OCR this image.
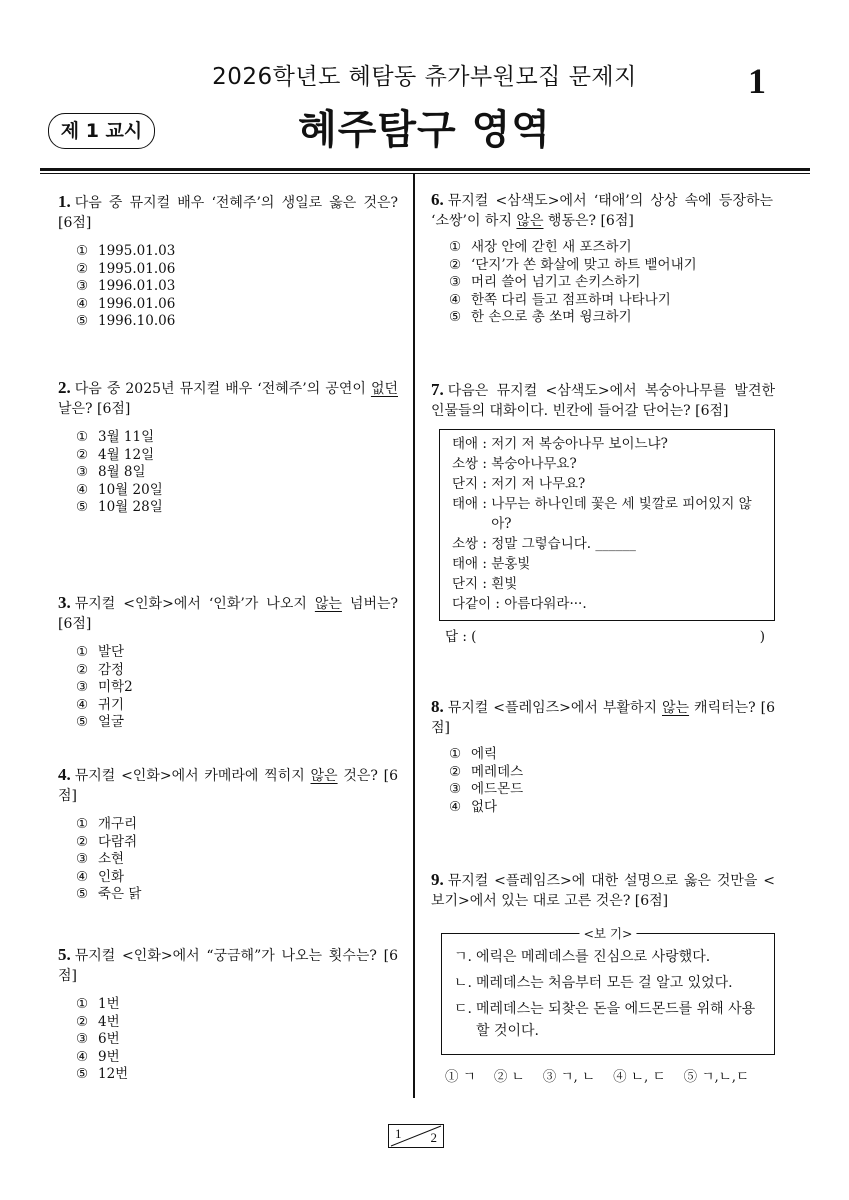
2026학년도 혜탐동 츄가부원모집 문제지	1
제 1 교시	혜주탐구 영역

1. 다음 중 뮤지컬 배우 ‘전혜주’의 생일로 옳은 것은? [6점]

① 1995.01.03
② 1995.01.06
③ 1996.01.03
④ 1996.01.06
⑤ 1996.10.06

2. 다음 중 2025년 뮤지컬 배우 ‘전혜주’의 공연이 없던 날은? [6점]

① 3월 11일
② 4월 12일
③ 8월 8일
④ 10월 20일
⑤ 10월 28일

3. 뮤지컬 <인화>에서 ‘인화’가 나오지 않는 넘버는? [6점]

① 발단
② 감정
③ 미학2
④ 귀기
⑤ 얼굴

4. 뮤지컬 <인화>에서 카메라에 찍히지 않은 것은? [6점]

① 개구리
② 다람쥐
③ 소현
④ 인화
⑤ 죽은 닭

5. 뮤지컬 <인화>에서 “궁금해”가 나오는 횟수는? [6점]

① 1번
② 4번
③ 6번
④ 9번
⑤ 12번

6. 뮤지컬 <삼색도>에서 ‘태애’의 상상 속에 등장하는 ‘소쌍’이 하지 않은 행동은? [6점]

① 새장 안에 갇힌 새 포즈하기
② ‘단지’가 쏜 화살에 맞고 하트 뱉어내기
③ 머리 쓸어 넘기고 손키스하기
④ 한쪽 다리 들고 점프하며 나타나기
⑤ 한 손으로 총 쏘며 윙크하기

7. 다음은 뮤지컬 <삼색도>에서 복숭아나무를 발견한 인물들의 대화이다. 빈칸에 들어갈 단어는? [6점]

태애 : 저기 저 복숭아나무 보이느냐?
소쌍 : 복숭아나무요?
단지 : 저기 저 나무요?
태애 : 나무는 하나인데 꽃은 세 빛깔로 피어있지 않아?
소쌍 : 정말 그렇습니다. ______
태애 : 분홍빛
단지 : 흰빛
다같이 : 아름다워라···.
답 : (	)

8. 뮤지컬 <플레임즈>에서 부활하지 않는 캐릭터는? [6점]

① 에릭
② 메레데스
③ 에드몬드
④ 없다

9. 뮤지컬 <플레임즈>에 대한 설명으로 옳은 것만을 <보기>에서 있는 대로 고른 것은? [6점]

<보 기>
ㄱ. 에릭은 메레데스를 진심으로 사랑했다.
ㄴ. 메레데스는 처음부터 모든 걸 알고 있었다.
ㄷ. 메레데스는 되찾은 돈을 에드몬드를 위해 사용할 것이다.
① ㄱ ② ㄴ ③ ㄱ, ㄴ ④ ㄴ, ㄷ ⑤ ㄱ,ㄴ,ㄷ
1 2
